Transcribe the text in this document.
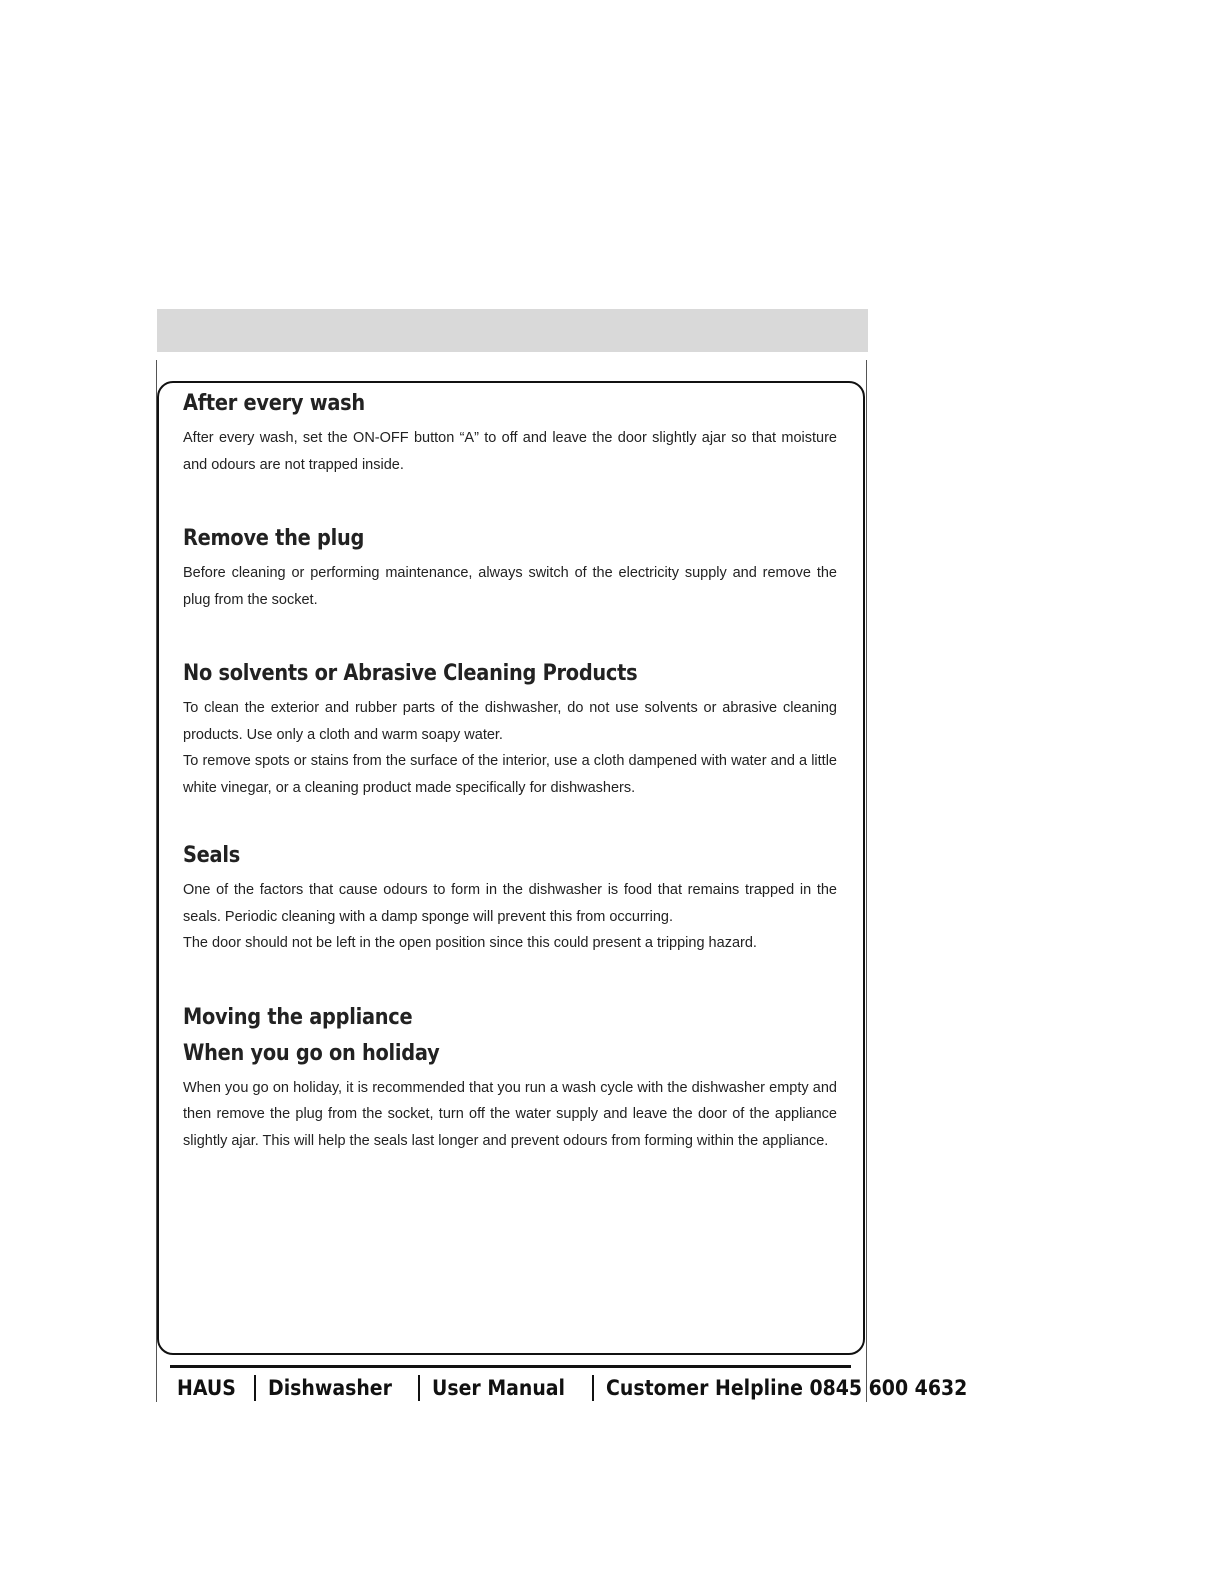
After every wash

After every wash, set the ON-OFF button “A” to off and leave the door slightly ajar so that moisture and odours are not trapped inside.

Remove the plug

Before cleaning or performing maintenance, always switch of the electricity supply and remove the plug from the socket.

No solvents or Abrasive Cleaning Products

To clean the exterior and rubber parts of the dishwasher, do not use solvents or abrasive cleaning products. Use only a cloth and warm soapy water.

To remove spots or stains from the surface of the interior, use a cloth dampened with water and a little white vinegar, or a cleaning product made specifically for dishwashers.

Seals

One of the factors that cause odours to form in the dishwasher is food that remains trapped in the seals. Periodic cleaning with a damp sponge will prevent this from occurring.

The door should not be left in the open position since this could present a tripping hazard.

Moving the appliance
When you go on holiday

When you go on holiday, it is recommended that you run a wash cycle with the dishwasher empty and then remove the plug from the socket, turn off the water supply and leave the door of the appliance slightly ajar. This will help the seals last longer and prevent odours from forming within the appliance.

HAUS Dishwasher User Manual Customer Helpline 0845 600 4632
